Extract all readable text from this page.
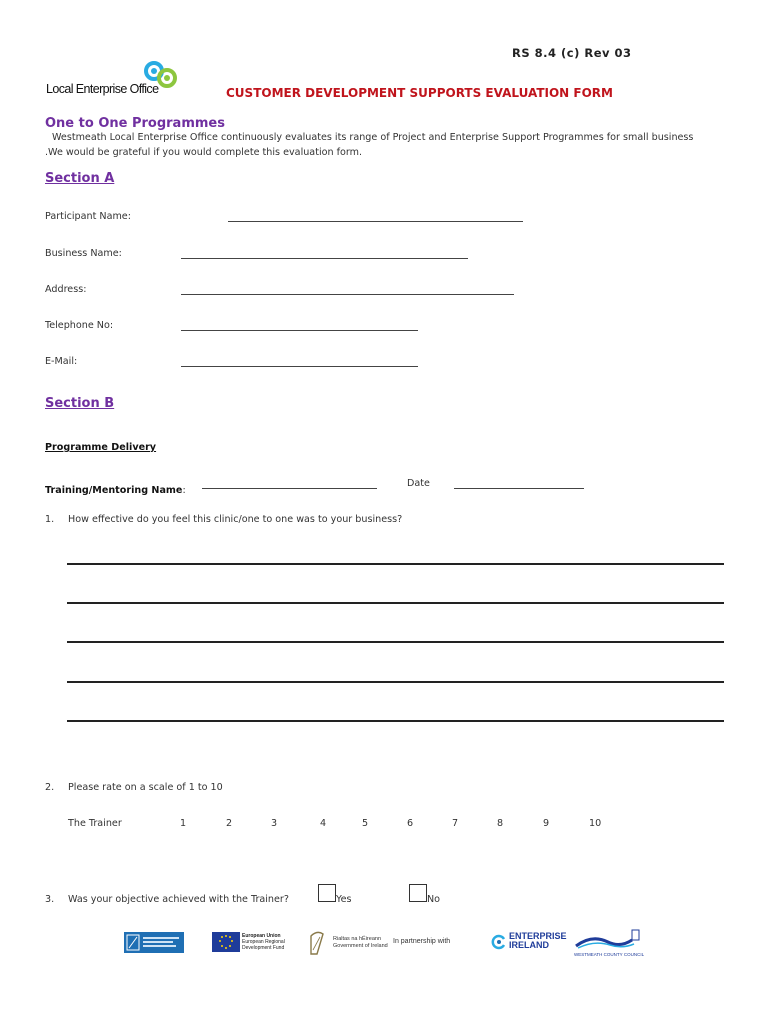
RS 8.4 (c) Rev 03
Local Enterprise Office	CUSTOMER DEVELOPMENT SUPPORTS EVALUATION FORM
One to One Programmes
Westmeath Local Enterprise Office continuously evaluates its range of Project and Enterprise Support Programmes for small business
.We would be grateful if you would complete this evaluation form.
Section A
Participant Name:
Business Name:
Address:
Telephone No:
E-Mail:
Section B
Programme Delivery
Training/Mentoring Name:
Date
1. How effective do you feel this clinic/one to one was to your business?
2. Please rate on a scale of 1 to 10
The Trainer	1	2	3	4	5	6	7	8	9	10
3. Was your objective achieved with the Trainer?	Yes	No
European Union
European Regional
Development Fund
Rialtas na hÉireann
Government of Ireland
In partnership with
ENTERPRISE
IRELAND
WESTMEATH COUNTY COUNCIL
